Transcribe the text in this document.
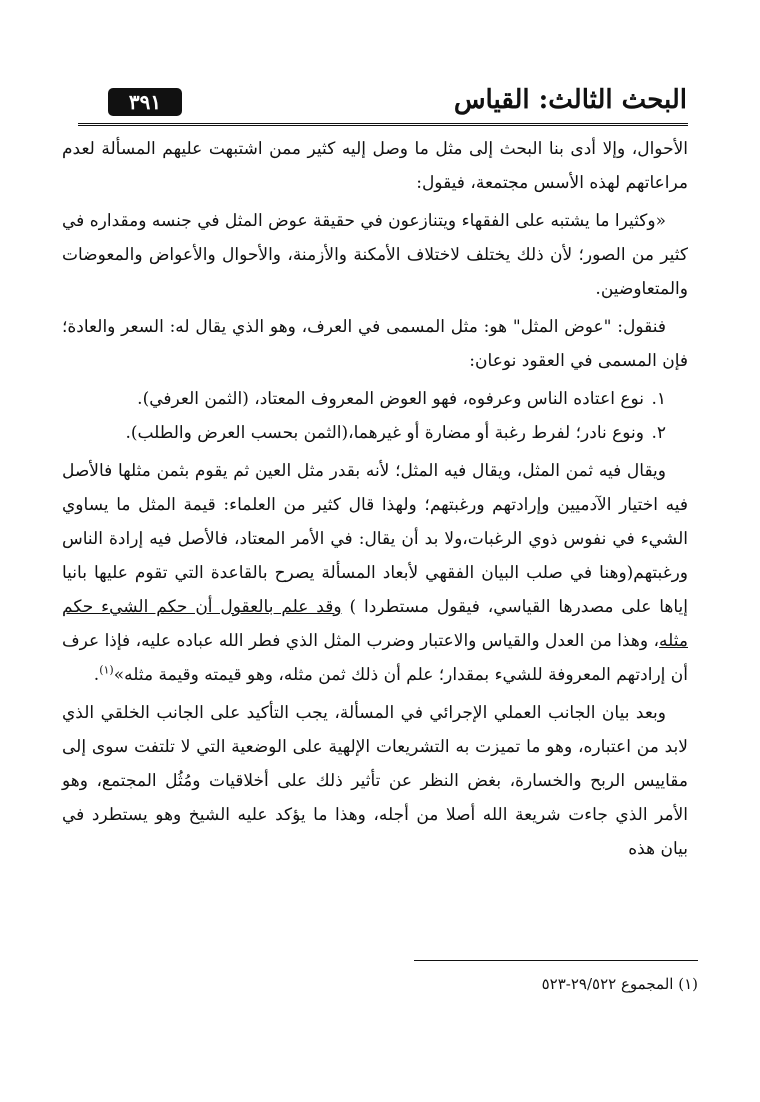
البحث الثالث: القياس
٣٩١

الأحوال، وإلا أدى بنا البحث إلى مثل ما وصل إليه كثير ممن اشتبهت عليهم المسألة لعدم مراعاتهم لهذه الأسس مجتمعة، فيقول:

«وكثيرا ما يشتبه على الفقهاء ويتنازعون في حقيقة عوض المثل في جنسه ومقداره في كثير من الصور؛ لأن ذلك يختلف لاختلاف الأمكنة والأزمنة، والأحوال والأعواض والمعوضات والمتعاوضين.

فنقول: "عوض المثل" هو: مثل المسمى في العرف، وهو الذي يقال له: السعر والعادة؛ فإن المسمى في العقود نوعان:

١.نوع اعتاده الناس وعرفوه، فهو العوض المعروف المعتاد، (الثمن العرفي).

٢.ونوع نادر؛ لفرط رغبة أو مضارة أو غيرهما،(الثمن بحسب العرض والطلب).

ويقال فيه ثمن المثل، ويقال فيه المثل؛ لأنه بقدر مثل العين ثم يقوم بثمن مثلها فالأصل فيه اختيار الآدميين وإرادتهم ورغبتهم؛ ولهذا قال كثير من العلماء: قيمة المثل ما يساوي الشيء في نفوس ذوي الرغبات،ولا بد أن يقال: في الأمر المعتاد، فالأصل فيه إرادة الناس ورغبتهم(وهنا في صلب البيان الفقهي لأبعاد المسألة يصرح بالقاعدة التي تقوم عليها بانيا إياها على مصدرها القياسي، فيقول مستطردا ) وقد علم بالعقول أن حكم الشيء حكم مثله، وهذا من العدل والقياس والاعتبار وضرب المثل الذي فطر الله عباده عليه، فإذا عرف أن إرادتهم المعروفة للشيء بمقدار؛ علم أن ذلك ثمن مثله، وهو قيمته وقيمة مثله»$^{(١)}$.

وبعد بيان الجانب العملي الإجرائي في المسألة، يجب التأكيد على الجانب الخلقي الذي لابد من اعتباره، وهو ما تميزت به التشريعات الإلهية على الوضعية التي لا تلتفت سوى إلى مقاييس الربح والخسارة، بغض النظر عن تأثير ذلك على أخلاقيات ومُثُل المجتمع، وهو الأمر الذي جاءت شريعة الله أصلا من أجله، وهذا ما يؤكد عليه الشيخ وهو يستطرد في بيان هذه

(١) المجموع ٢٩/٥٢٢-٥٢٣
